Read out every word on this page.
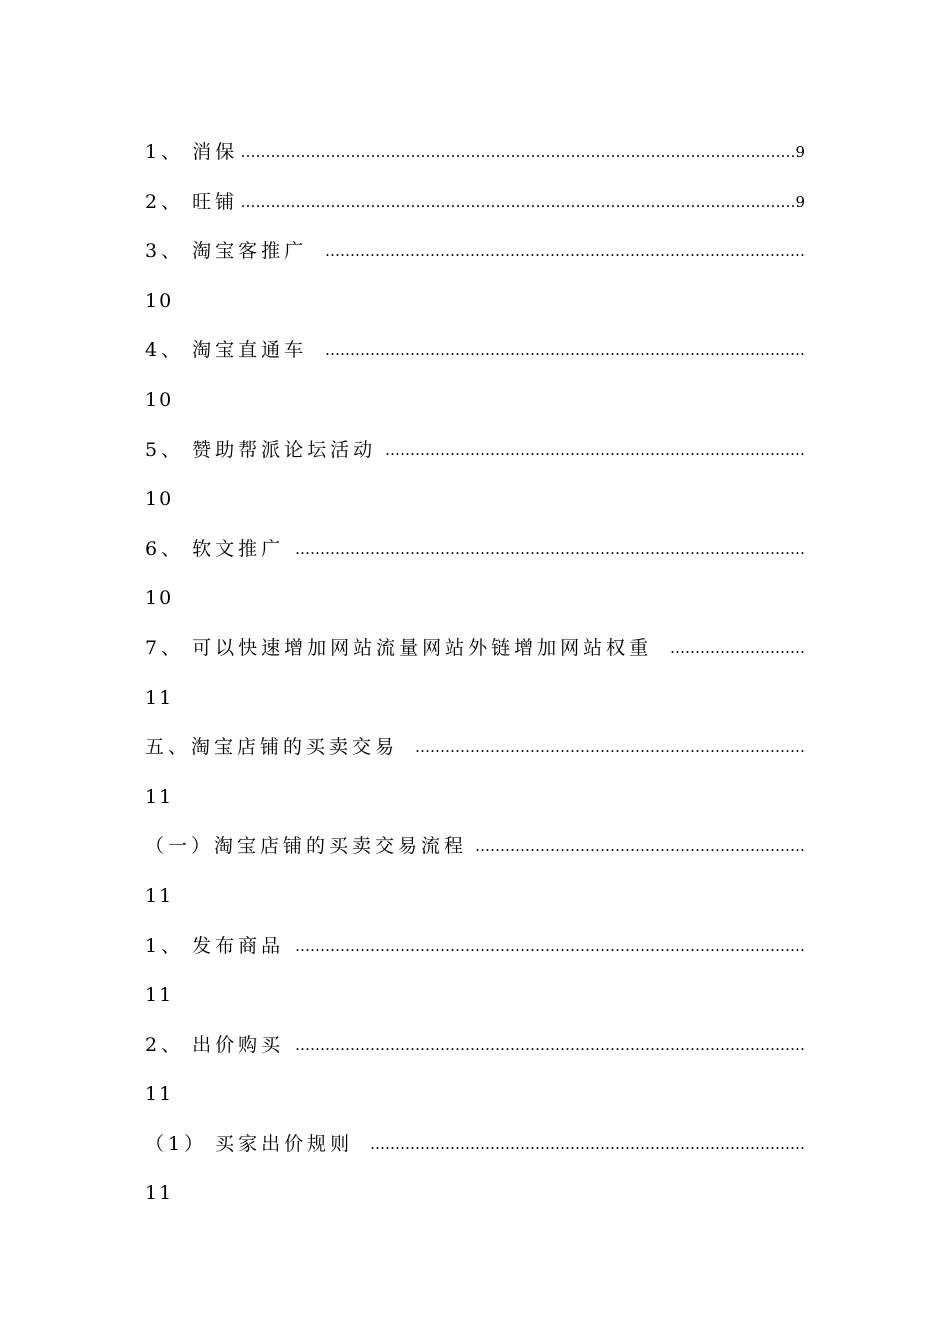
1、 消保 …………………………………………………………………………………………………9
2、 旺铺 …………………………………………………………………………………………………9
3、 淘宝客推广 ……………………………………………………………………………………
10
4、 淘宝直通车 ……………………………………………………………………………………
10
5、 赞助帮派论坛活动 …………………………………………………………………………
10
6、 软文推广 …………………………………………………………………………………………
10
7、 可以快速增加网站流量网站外链增加网站权重 ………………………
11
五、淘宝店铺的买卖交易 ……………………………………………………………………
11
（一）淘宝店铺的买卖交易流程 …………………………………………………………
11
1、 发布商品 …………………………………………………………………………………………
11
2、 出价购买 …………………………………………………………………………………………
11
（1） 买家出价规则 ……………………………………………………………………………
11
